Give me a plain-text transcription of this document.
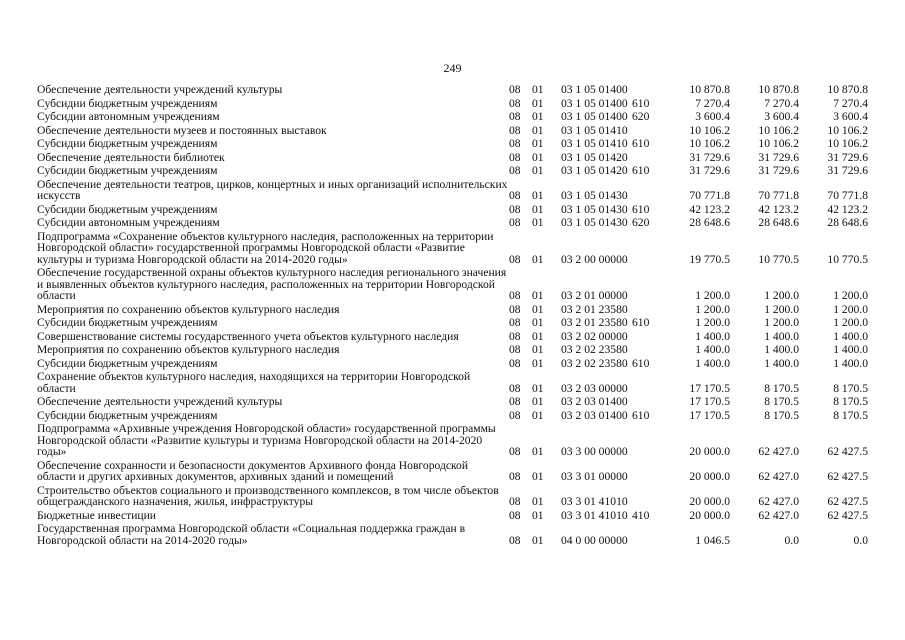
249
Обеспечение деятельности учреждений культуры	08	01	03 1 05 01400		10 870.8	10 870.8	10 870.8
Субсидии бюджетным учреждениям	08	01	03 1 05 01400	610	7 270.4	7 270.4	7 270.4
Субсидии автономным учреждениям	08	01	03 1 05 01400	620	3 600.4	3 600.4	3 600.4
Обеспечение деятельности музеев и постоянных выставок	08	01	03 1 05 01410		10 106.2	10 106.2	10 106.2
Субсидии бюджетным учреждениям	08	01	03 1 05 01410	610	10 106.2	10 106.2	10 106.2
Обеспечение деятельности библиотек	08	01	03 1 05 01420		31 729.6	31 729.6	31 729.6
Субсидии бюджетным учреждениям	08	01	03 1 05 01420	610	31 729.6	31 729.6	31 729.6
Обеспечение деятельности театров, цирков, концертных и иных организаций исполнительских искусств	08	01	03 1 05 01430		70 771.8	70 771.8	70 771.8
Субсидии бюджетным учреждениям	08	01	03 1 05 01430	610	42 123.2	42 123.2	42 123.2
Субсидии автономным учреждениям	08	01	03 1 05 01430	620	28 648.6	28 648.6	28 648.6
Подпрограмма «Сохранение объектов культурного наследия, расположенных на территории Новгородской области» государственной программы Новгородской области «Развитие культуры и туризма Новгородской области на 2014-2020 годы»	08	01	03 2 00 00000		19 770.5	10 770.5	10 770.5
Обеспечение государственной охраны объектов культурного наследия регионального значения и выявленных объектов культурного наследия, расположенных на территории Новгородской области	08	01	03 2 01 00000		1 200.0	1 200.0	1 200.0
Мероприятия по сохранению объектов культурного наследия	08	01	03 2 01 23580		1 200.0	1 200.0	1 200.0
Субсидии бюджетным учреждениям	08	01	03 2 01 23580	610	1 200.0	1 200.0	1 200.0
Совершенствование системы государственного учета объектов культурного наследия	08	01	03 2 02 00000		1 400.0	1 400.0	1 400.0
Мероприятия по сохранению объектов культурного наследия	08	01	03 2 02 23580		1 400.0	1 400.0	1 400.0
Субсидии бюджетным учреждениям	08	01	03 2 02 23580	610	1 400.0	1 400.0	1 400.0
Сохранение объектов культурного наследия, находящихся на территории Новгородской области	08	01	03 2 03 00000		17 170.5	8 170.5	8 170.5
Обеспечение деятельности учреждений культуры	08	01	03 2 03 01400		17 170.5	8 170.5	8 170.5
Субсидии бюджетным учреждениям	08	01	03 2 03 01400	610	17 170.5	8 170.5	8 170.5
Подпрограмма «Архивные учреждения Новгородской области» государственной программы Новгородской области «Развитие культуры и туризма Новгородской области на 2014-2020 годы»	08	01	03 3 00 00000		20 000.0	62 427.0	62 427.5
Обеспечение сохранности и безопасности документов Архивного фонда Новгородской области и других архивных документов, архивных зданий и помещений	08	01	03 3 01 00000		20 000.0	62 427.0	62 427.5
Строительство объектов социального и производственного комплексов, в том числе объектов общегражданского назначения, жилья, инфраструктуры	08	01	03 3 01 41010		20 000.0	62 427.0	62 427.5
Бюджетные инвестиции	08	01	03 3 01 41010	410	20 000.0	62 427.0	62 427.5
Государственная программа Новгородской области «Социальная поддержка граждан в Новгородской области на 2014-2020 годы»	08	01	04 0 00 00000		1 046.5	0.0	0.0
